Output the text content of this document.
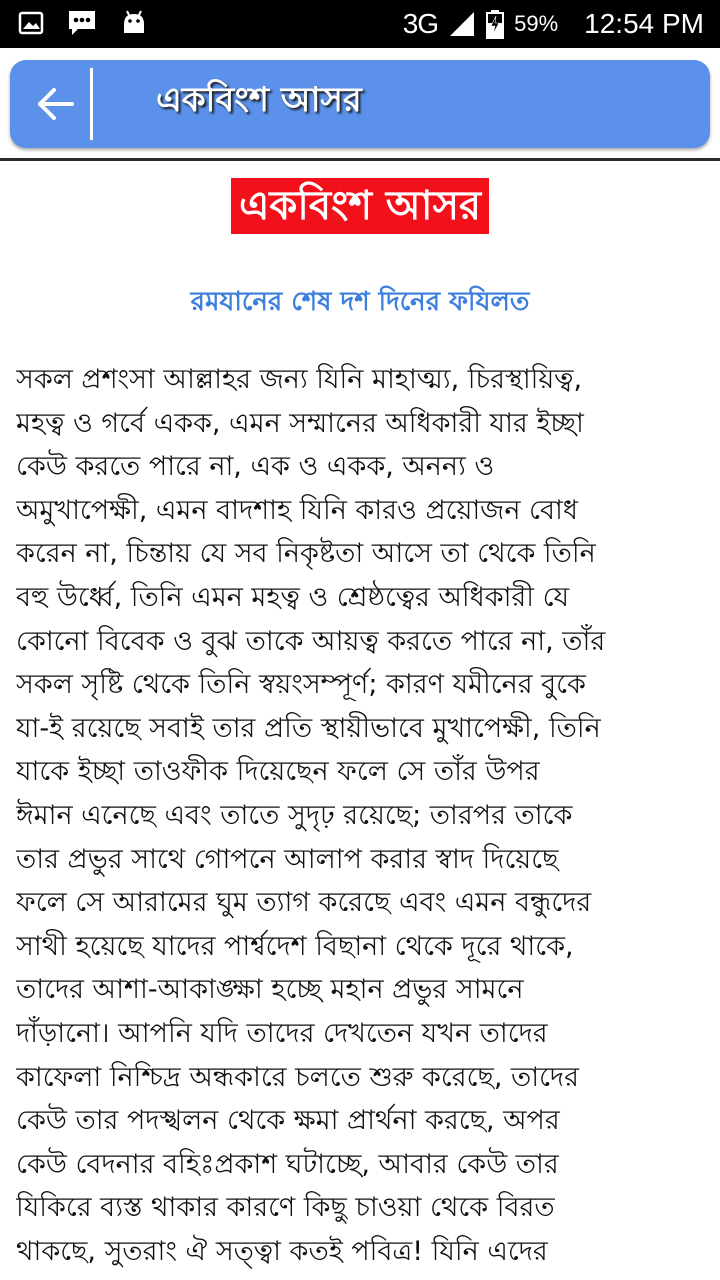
3G	59% 12:54 PM
একবিংশ আসর
একবিংশ আসর
রমযানের শেষ দশ দিনের ফযিলত

সকল প্রশংসা আল্লাহর জন্য যিনি মাহাত্ম্য, চিরস্থায়িত্ব,
মহত্ব ও গর্বে একক, এমন সম্মানের অধিকারী যার ইচ্ছা
কেউ করতে পারে না, এক ও একক, অনন্য ও
অমুখাপেক্ষী, এমন বাদশাহ যিনি কারও প্রয়োজন বোধ
করেন না, চিন্তায় যে সব নিকৃষ্টতা আসে তা থেকে তিনি
বহু উর্ধ্বে, তিনি এমন মহত্ব ও শ্রেষ্ঠত্বের অধিকারী যে
কোনো বিবেক ও বুঝ তাকে আয়ত্ব করতে পারে না, তাঁর
সকল সৃষ্টি থেকে তিনি স্বয়ংসম্পূর্ণ; কারণ যমীনের বুকে
যা-ই রয়েছে সবাই তার প্রতি স্থায়ীভাবে মুখাপেক্ষী, তিনি
যাকে ইচ্ছা তাওফীক দিয়েছেন ফলে সে তাঁর উপর
ঈমান এনেছে এবং তাতে সুদৃঢ় রয়েছে; তারপর তাকে
তার প্রভুর সাথে গোপনে আলাপ করার স্বাদ দিয়েছে
ফলে সে আরামের ঘুম ত্যাগ করেছে এবং এমন বন্ধুদের
সাথী হয়েছে যাদের পার্শ্বদেশ বিছানা থেকে দূরে থাকে,
তাদের আশা-আকাঙ্ক্ষা হচ্ছে মহান প্রভুর সামনে
দাঁড়ানো। আপনি যদি তাদের দেখতেন যখন তাদের
কাফেলা নিশ্চিদ্র অন্ধকারে চলতে শুরু করেছে, তাদের
কেউ তার পদস্খলন থেকে ক্ষমা প্রার্থনা করছে, অপর
কেউ বেদনার বহিঃপ্রকাশ ঘটাচ্ছে, আবার কেউ তার
যিকিরে ব্যস্ত থাকার কারণে কিছু চাওয়া থেকে বিরত
থাকছে, সুতরাং ঐ সত্ত্বা কতই পবিত্র! যিনি এদের
